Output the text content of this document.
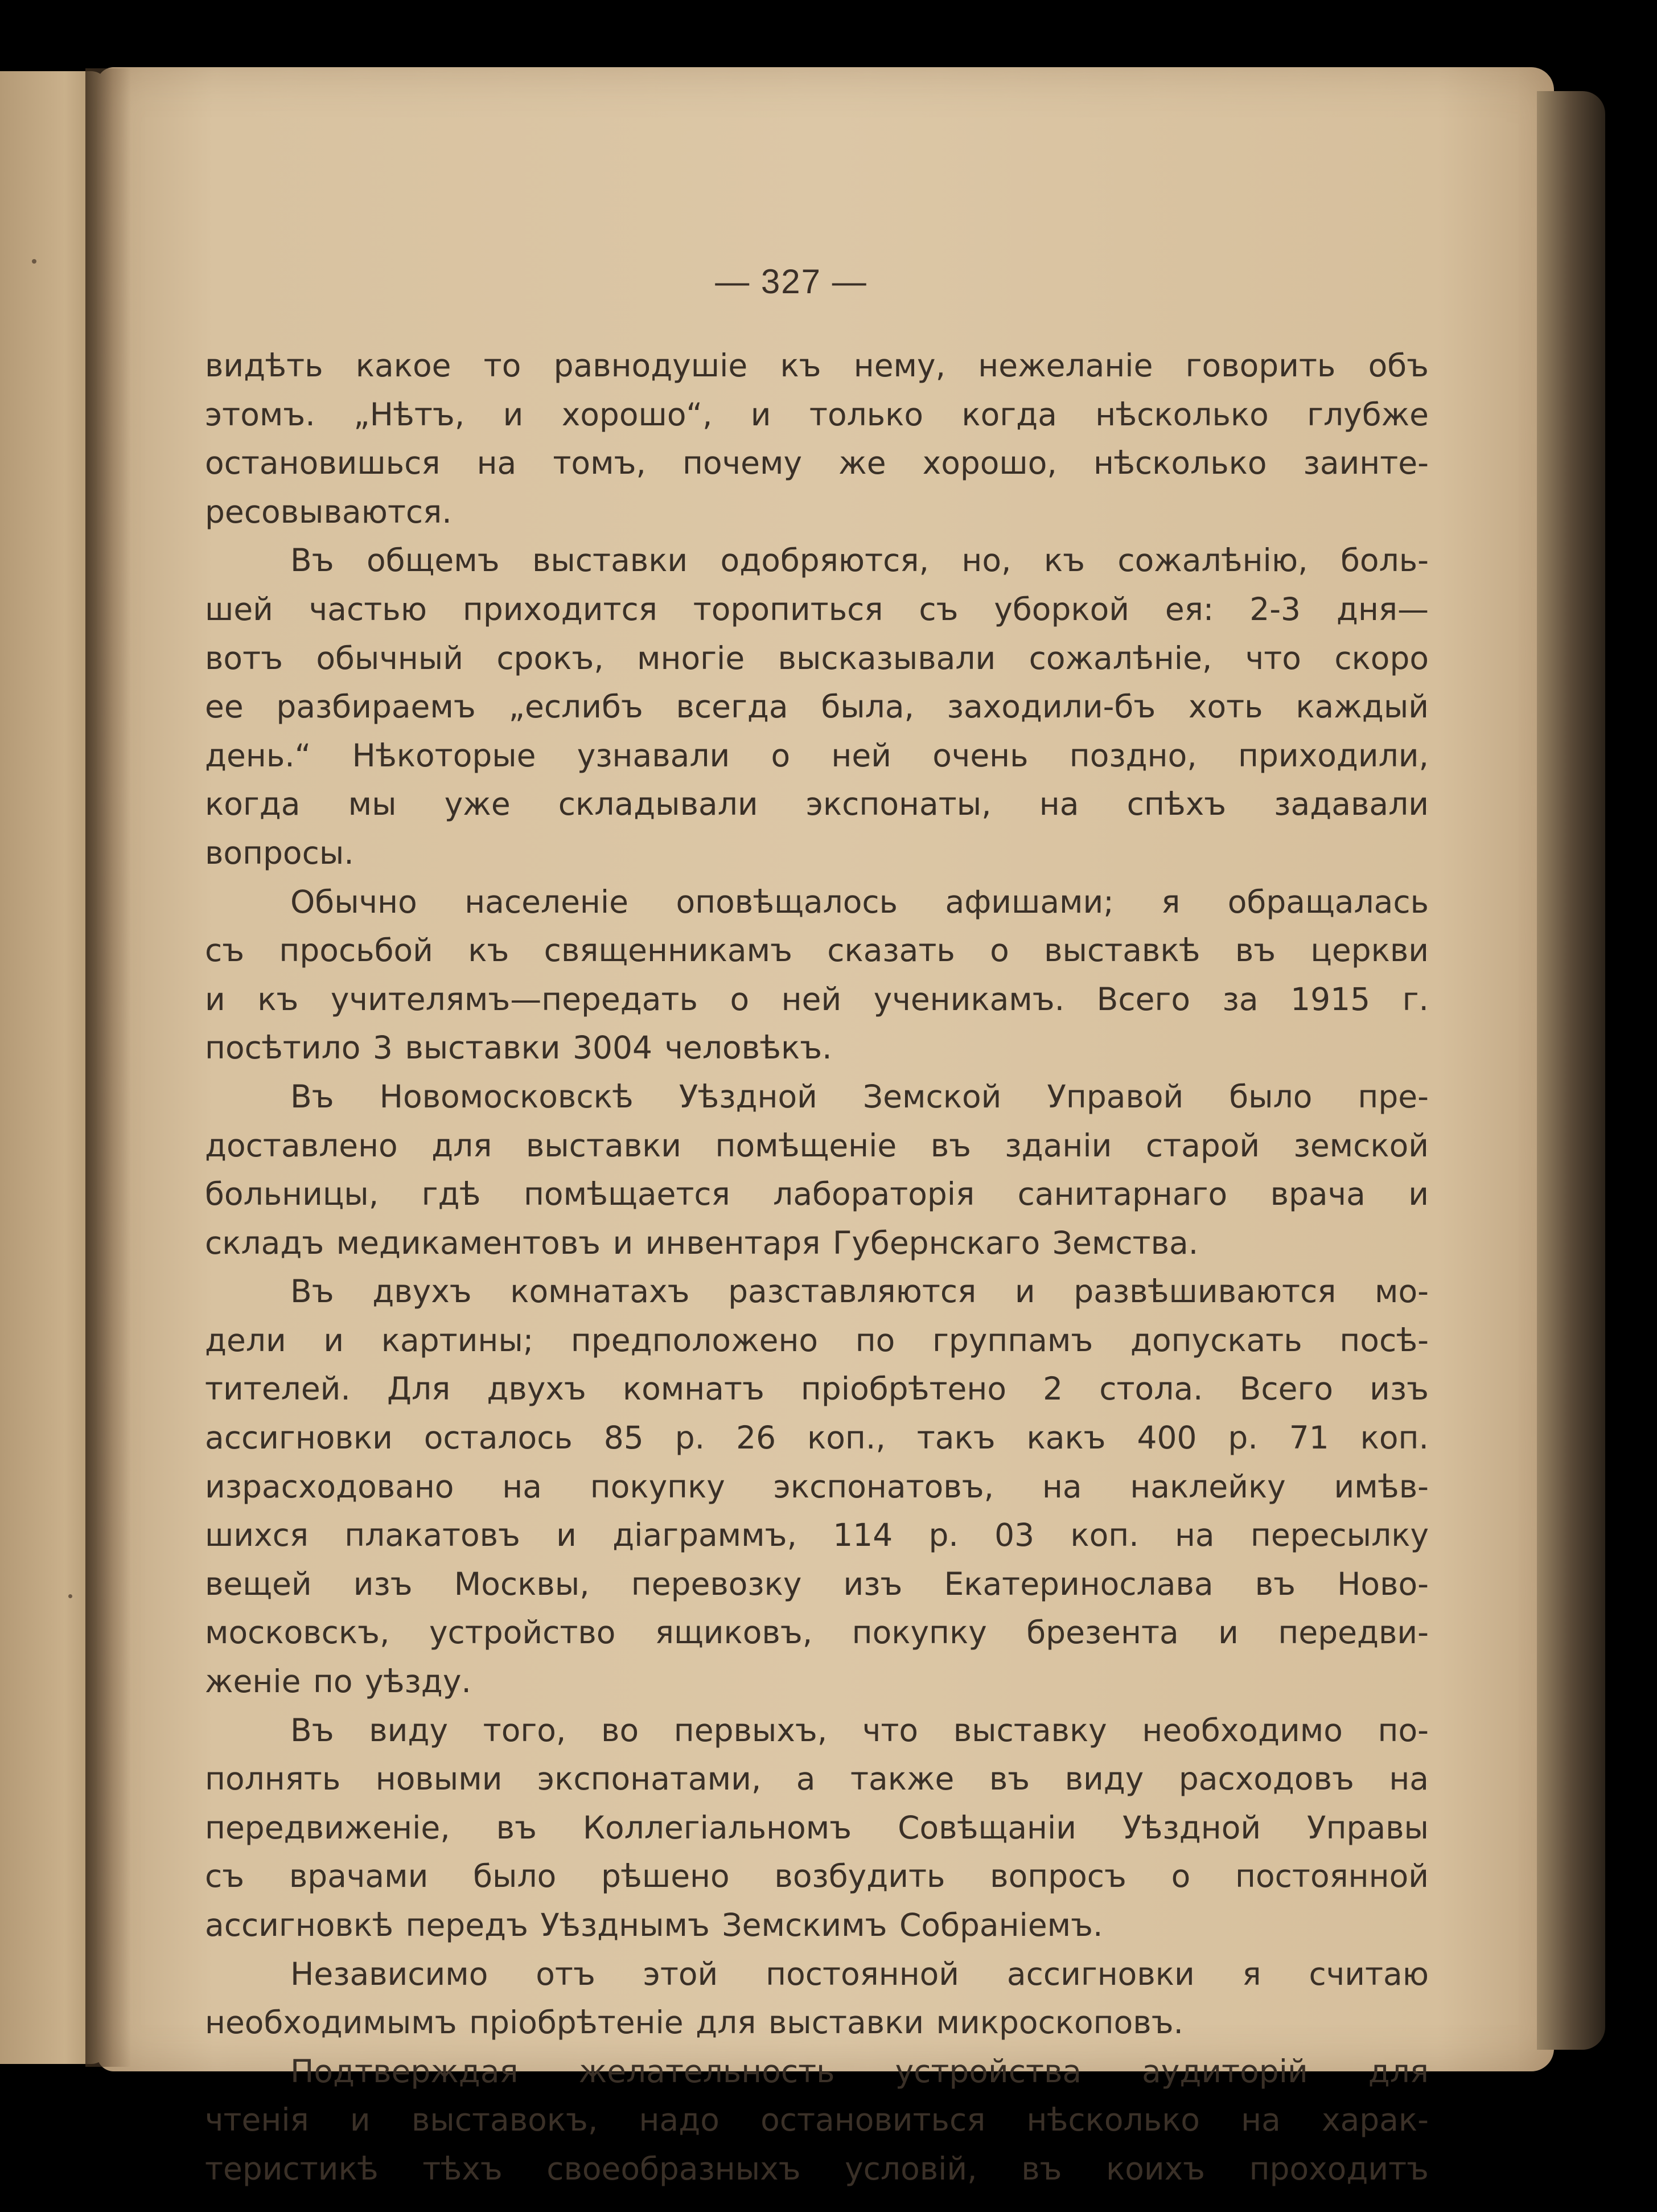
— 327 —
видѣть какое то равнодушіе къ нему, нежеланіе говорить объ
этомъ. „Нѣтъ, и хорошо“, и только когда нѣсколько глубже
остановишься на томъ, почему же хорошо, нѣсколько заинте-
ресовываются.
Въ общемъ выставки одобряются, но, къ сожалѣнію, боль-
шей частью приходится торопиться съ уборкой ея: 2-3 дня—
вотъ обычный срокъ, многіе высказывали сожалѣніе, что скоро
ее разбираемъ „еслибъ всегда была, заходили-бъ хоть каждый
день.“ Нѣкоторые узнавали о ней очень поздно, приходили,
когда мы уже складывали экспонаты, на спѣхъ задавали
вопросы.
Обычно населеніе оповѣщалось афишами; я обращалась
съ просьбой къ священникамъ сказать о выставкѣ въ церкви
и къ учителямъ—передать о ней ученикамъ. Всего за 1915 г.
посѣтило 3 выставки 3004 человѣкъ.
Въ Новомосковскѣ Уѣздной Земской Управой было пре-
доставлено для выставки помѣщеніе въ зданіи старой земской
больницы, гдѣ помѣщается лабораторія санитарнаго врача и
складъ медикаментовъ и инвентаря Губернскаго Земства.
Въ двухъ комнатахъ разставляются и развѣшиваются мо-
дели и картины; предположено по группамъ допускать посѣ-
тителей. Для двухъ комнатъ пріобрѣтено 2 стола. Всего изъ
ассигновки осталось 85 р. 26 коп., такъ какъ 400 р. 71 коп.
израсходовано на покупку экспонатовъ, на наклейку имѣв-
шихся плакатовъ и діаграммъ, 114 р. 03 коп. на пересылку
вещей изъ Москвы, перевозку изъ Екатеринослава въ Ново-
московскъ, устройство ящиковъ, покупку брезента и передви-
женіе по уѣзду.
Въ виду того, во первыхъ, что выставку необходимо по-
полнять новыми экспонатами, а также въ виду расходовъ на
передвиженіе, въ Коллегіальномъ Совѣщаніи Уѣздной Управы
съ врачами было рѣшено возбудить вопросъ о постоянной
ассигновкѣ передъ Уѣзднымъ Земскимъ Собраніемъ.
Независимо отъ этой постоянной ассигновки я считаю
необходимымъ пріобрѣтеніе для выставки микроскоповъ.
Подтверждая желательность устройства аудиторій для
чтенія и выставокъ, надо остановиться нѣсколько на харак-
теристикѣ тѣхъ своеобразныхъ условій, въ коихъ проходитъ
